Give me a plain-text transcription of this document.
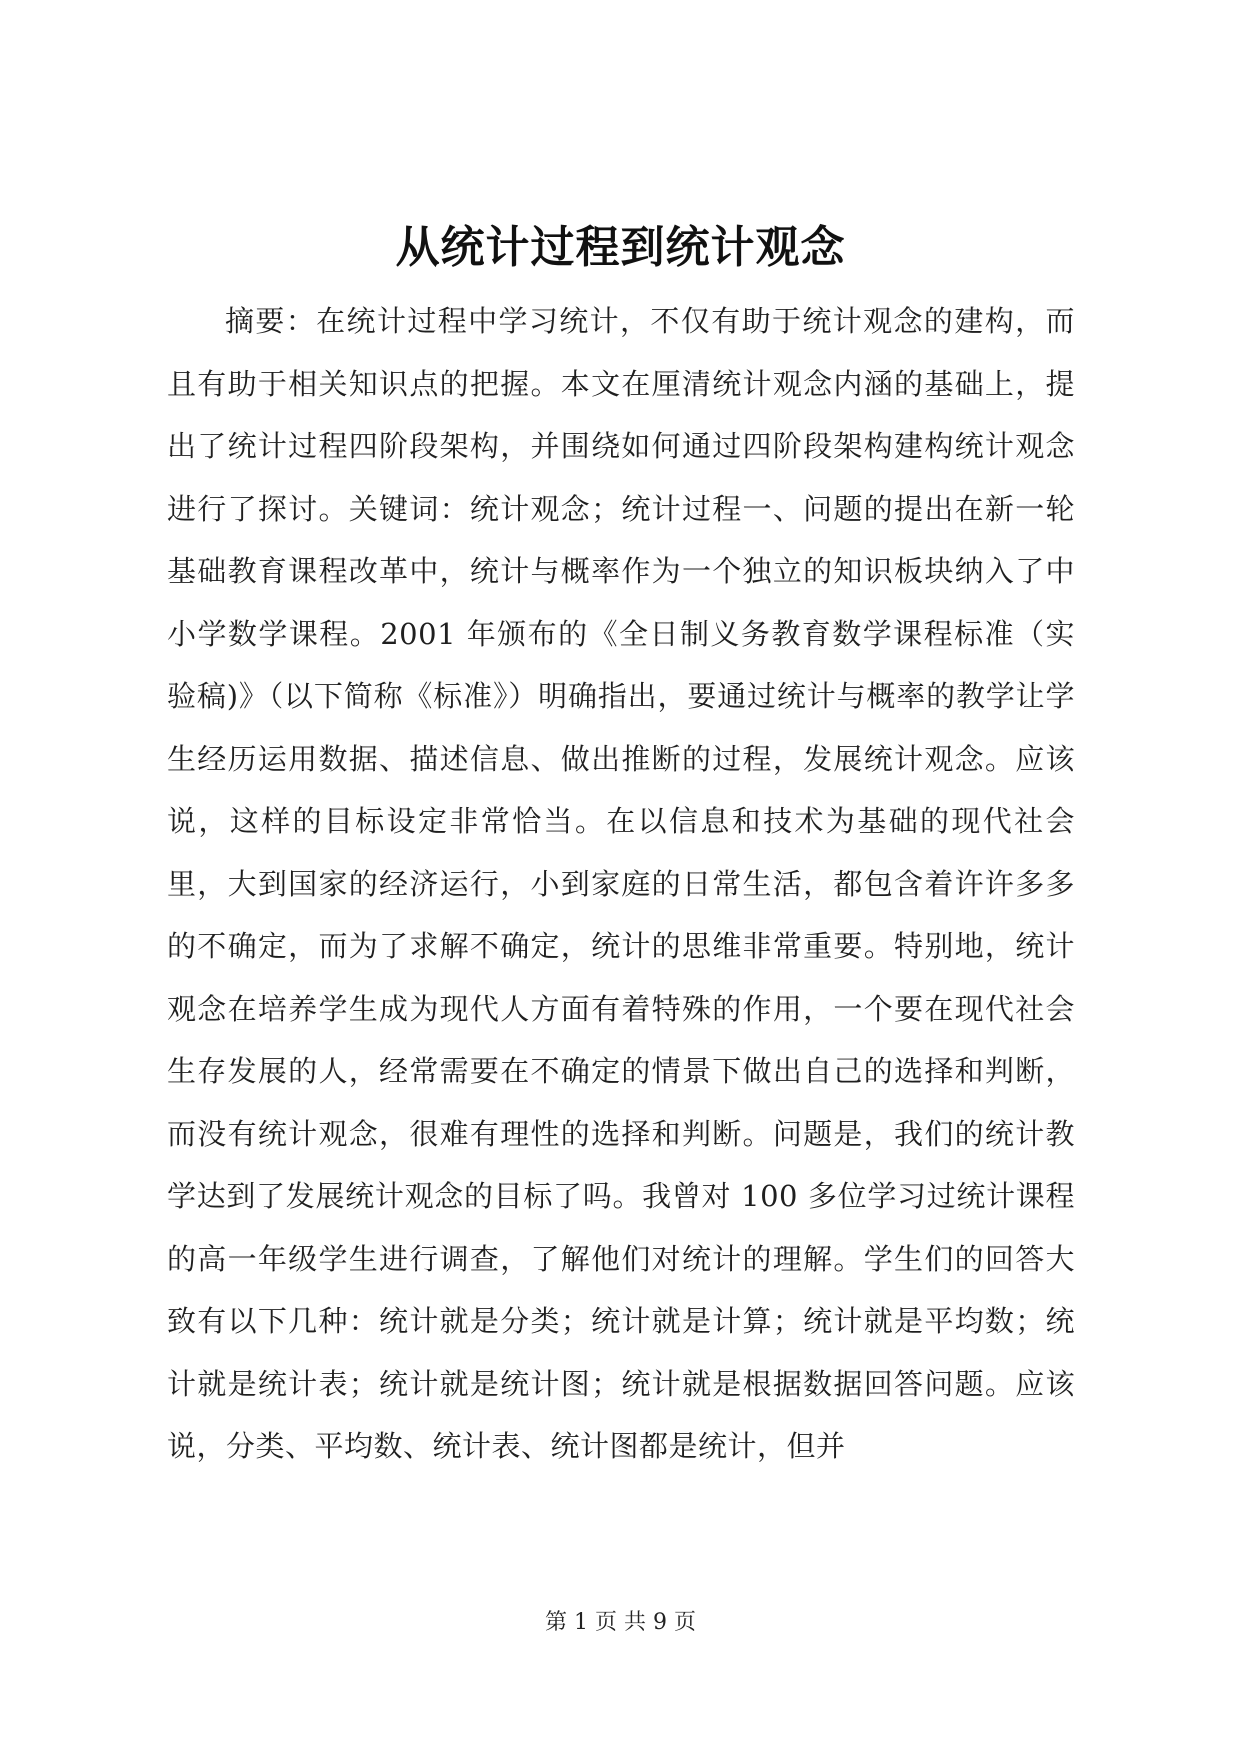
从统计过程到统计观念

摘要：在统计过程中学习统计，不仅有助于统计观念的建构，而且有助于相关知识点的把握。本文在厘清统计观念内涵的基础上，提出了统计过程四阶段架构，并围绕如何通过四阶段架构建构统计观念进行了探讨。关键词：统计观念；统计过程一、问题的提出在新一轮基础教育课程改革中，统计与概率作为一个独立的知识板块纳入了中小学数学课程。2001 年颁布的《全日制义务教育数学课程标准（实验稿)》（以下简称《标准》）明确指出，要通过统计与概率的教学让学生经历运用数据、描述信息、做出推断的过程，发展统计观念。应该说，这样的目标设定非常恰当。在以信息和技术为基础的现代社会里，大到国家的经济运行，小到家庭的日常生活，都包含着许许多多的不确定，而为了求解不确定，统计的思维非常重要。特别地，统计观念在培养学生成为现代人方面有着特殊的作用，一个要在现代社会生存发展的人，经常需要在不确定的情景下做出自己的选择和判断，而没有统计观念，很难有理性的选择和判断。问题是，我们的统计教学达到了发展统计观念的目标了吗。我曾对 100 多位学习过统计课程的高一年级学生进行调查，了解他们对统计的理解。学生们的回答大致有以下几种：统计就是分类；统计就是计算；统计就是平均数；统计就是统计表；统计就是统计图；统计就是根据数据回答问题。应该说，分类、平均数、统计表、统计图都是统计，但并

第 1 页 共 9 页
